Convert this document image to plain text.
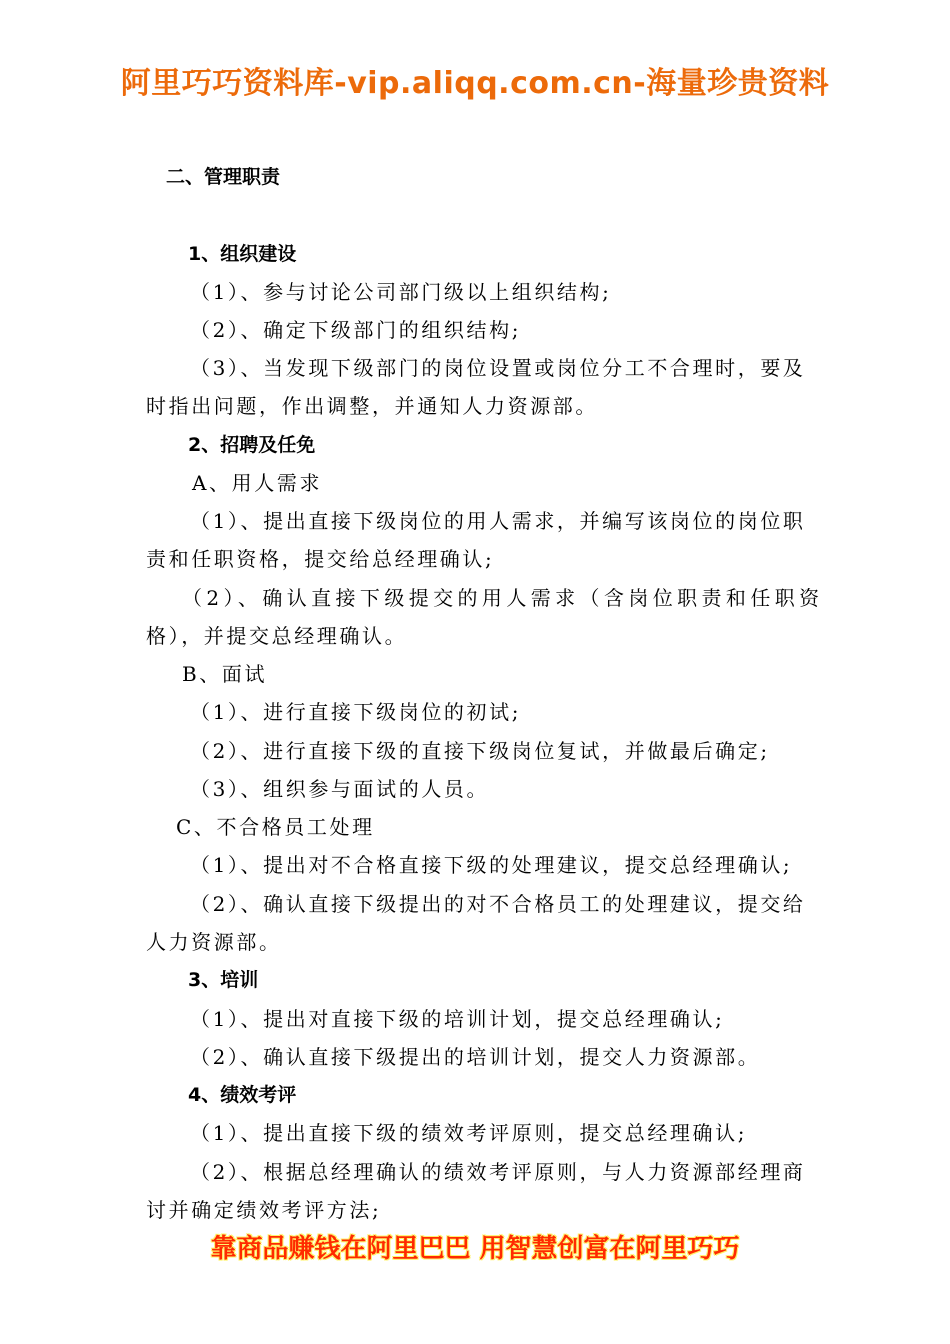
阿里巧巧资料库-vip.aliqq.com.cn-海量珍贵资料
二、管理职责
1、组织建设
（1）、参与讨论公司部门级以上组织结构;
（2）、确定下级部门的组织结构;
（3）、当发现下级部门的岗位设置或岗位分工不合理时，要及
时指出问题，作出调整，并通知人力资源部。
2、招聘及任免
A、用人需求
（1）、提出直接下级岗位的用人需求，并编写该岗位的岗位职
责和任职资格，提交给总经理确认;
（2）、确认直接下级提交的用人需求（含岗位职责和任职资
格），并提交总经理确认。
B、面试
（1）、进行直接下级岗位的初试;
（2）、进行直接下级的直接下级岗位复试，并做最后确定;
（3）、组织参与面试的人员。
C、不合格员工处理
（1）、提出对不合格直接下级的处理建议，提交总经理确认;
（2）、确认直接下级提出的对不合格员工的处理建议，提交给
人力资源部。
3、培训
（1）、提出对直接下级的培训计划，提交总经理确认;
（2）、确认直接下级提出的培训计划，提交人力资源部。
4、绩效考评
（1）、提出直接下级的绩效考评原则，提交总经理确认;
（2）、根据总经理确认的绩效考评原则，与人力资源部经理商
讨并确定绩效考评方法;
靠商品赚钱在阿里巴巴 用智慧创富在阿里巧巧
